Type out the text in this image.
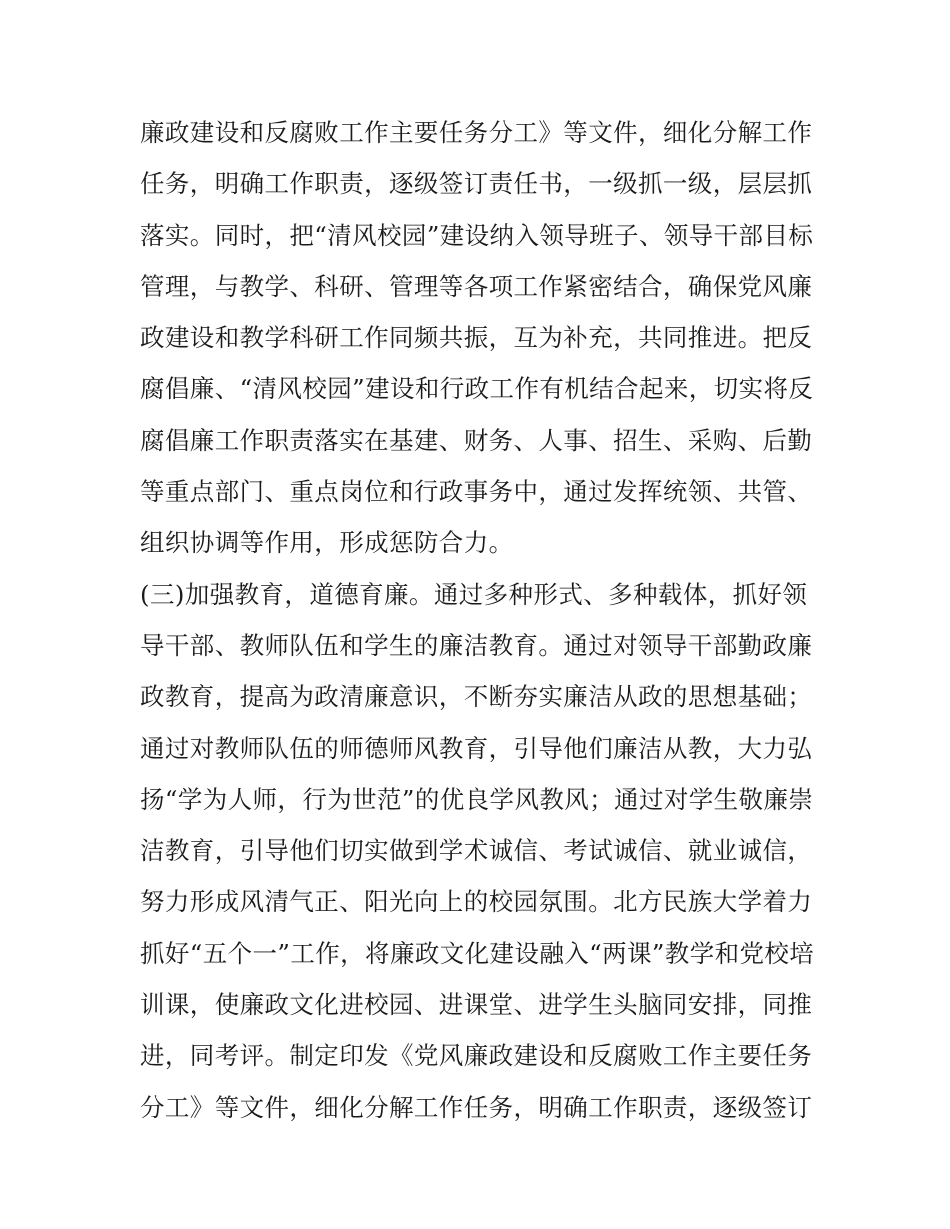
廉政建设和反腐败工作主要任务分工》等文件，细化分解工作
任务，明确工作职责，逐级签订责任书，一级抓一级，层层抓
落实。同时，把“清风校园”建设纳入领导班子、领导干部目标
管理，与教学、科研、管理等各项工作紧密结合，确保党风廉
政建设和教学科研工作同频共振，互为补充，共同推进。把反
腐倡廉、“清风校园”建设和行政工作有机结合起来，切实将反
腐倡廉工作职责落实在基建、财务、人事、招生、采购、后勤
等重点部门、重点岗位和行政事务中，通过发挥统领、共管、
组织协调等作用，形成惩防合力。
(三)加强教育，道德育廉。通过多种形式、多种载体，抓好领
导干部、教师队伍和学生的廉洁教育。通过对领导干部勤政廉
政教育，提高为政清廉意识，不断夯实廉洁从政的思想基础；
通过对教师队伍的师德师风教育，引导他们廉洁从教，大力弘
扬“学为人师，行为世范”的优良学风教风；通过对学生敬廉崇
洁教育，引导他们切实做到学术诚信、考试诚信、就业诚信，
努力形成风清气正、阳光向上的校园氛围。北方民族大学着力
抓好“五个一”工作，将廉政文化建设融入“两课”教学和党校培
训课，使廉政文化进校园、进课堂、进学生头脑同安排，同推
进，同考评。制定印发《党风廉政建设和反腐败工作主要任务
分工》等文件，细化分解工作任务，明确工作职责，逐级签订
